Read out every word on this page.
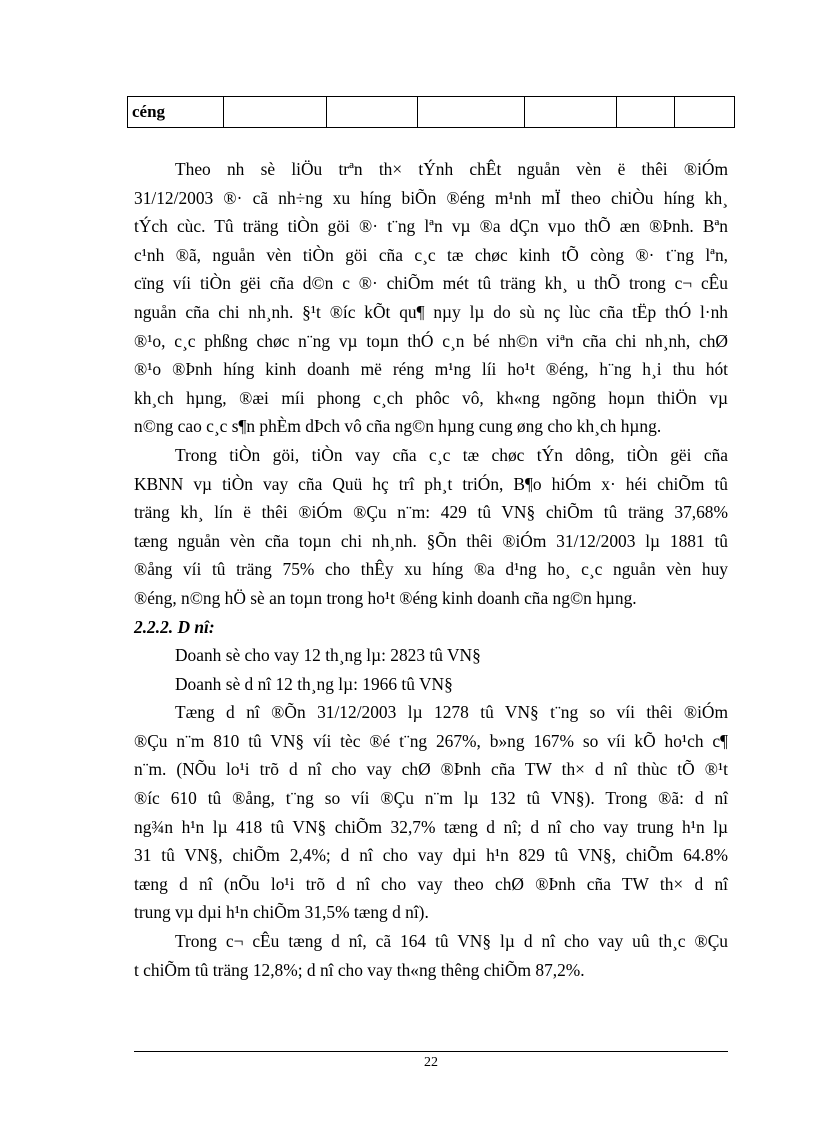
céng						

Theo nh sè liÖu trªn th× tÝnh chÊt nguån vèn ë thêi ®iÓm
31/12/2003 ®· cã nh÷ng xu híng biÕn ®éng m¹nh mÏ theo chiÒu híng kh¸
tÝch cùc. Tû träng tiÒn göi ®· t¨ng lªn vµ ®a dÇn vµo thÕ æn ®Þnh. Bªn
c¹nh ®ã, nguån vèn tiÒn göi cña c¸c tæ chøc kinh tÕ còng ®· t¨ng lªn,
cïng víi tiÒn gëi cña d©n c ®· chiÕm mét tû träng kh¸ u thÕ trong c¬ cÊu
nguån cña chi nh¸nh. §¹t ®íc kÕt qu¶ nµy lµ do sù nç lùc cña tËp thÓ l·nh
®¹o, c¸c phßng chøc n¨ng vµ toµn thÓ c¸n bé nh©n viªn cña chi nh¸nh, chØ
®¹o ®Þnh híng kinh doanh më réng m¹ng líi ho¹t ®éng, h¨ng h¸i thu hót
kh¸ch hµng, ®æi míi phong c¸ch phôc vô, kh«ng ngõng hoµn thiÖn vµ
n©ng cao c¸c s¶n phÈm dÞch vô cña ng©n hµng cung øng cho kh¸ch hµng.

Trong tiÒn göi, tiÒn vay cña c¸c tæ chøc tÝn dông, tiÒn gëi cña
KBNN vµ tiÒn vay cña Quü hç trî ph¸t triÓn, B¶o hiÓm x· héi chiÕm tû
träng kh¸ lín ë thêi ®iÓm ®Çu n¨m: 429 tû VN§ chiÕm tû träng 37,68%
tæng nguån vèn cña toµn chi nh¸nh. §Õn thêi ®iÓm 31/12/2003 lµ 1881 tû
®ång víi tû träng 75% cho thÊy xu híng ®a d¹ng ho¸ c¸c nguån vèn huy
®éng, n©ng hÖ sè an toµn trong ho¹t ®éng kinh doanh cña ng©n hµng.

2.2.2. D nî:

Doanh sè cho vay 12 th¸ng lµ: 2823 tû VN§

Doanh sè d nî 12 th¸ng lµ: 1966 tû VN§

Tæng d nî ®Õn 31/12/2003 lµ 1278 tû VN§ t¨ng so víi thêi ®iÓm
®Çu n¨m 810 tû VN§ víi tèc ®é t¨ng 267%, b»ng 167% so víi kÕ ho¹ch c¶
n¨m. (NÕu lo¹i trõ d nî cho vay chØ ®Þnh cña TW th× d nî thùc tÕ ®¹t
®íc 610 tû ®ång, t¨ng so víi ®Çu n¨m lµ 132 tû VN§). Trong ®ã: d nî
ng¾n h¹n lµ 418 tû VN§ chiÕm 32,7% tæng d nî; d nî cho vay trung h¹n lµ
31 tû VN§, chiÕm 2,4%; d nî cho vay dµi h¹n 829 tû VN§, chiÕm 64.8%
tæng d nî (nÕu lo¹i trõ d nî cho vay theo chØ ®Þnh cña TW th× d nî
trung vµ dµi h¹n chiÕm 31,5% tæng d nî).

Trong c¬ cÊu tæng d nî, cã 164 tû VN§ lµ d nî cho vay uû th¸c ®Çu
t chiÕm tû träng 12,8%; d nî cho vay th«ng thêng chiÕm 87,2%.

22
